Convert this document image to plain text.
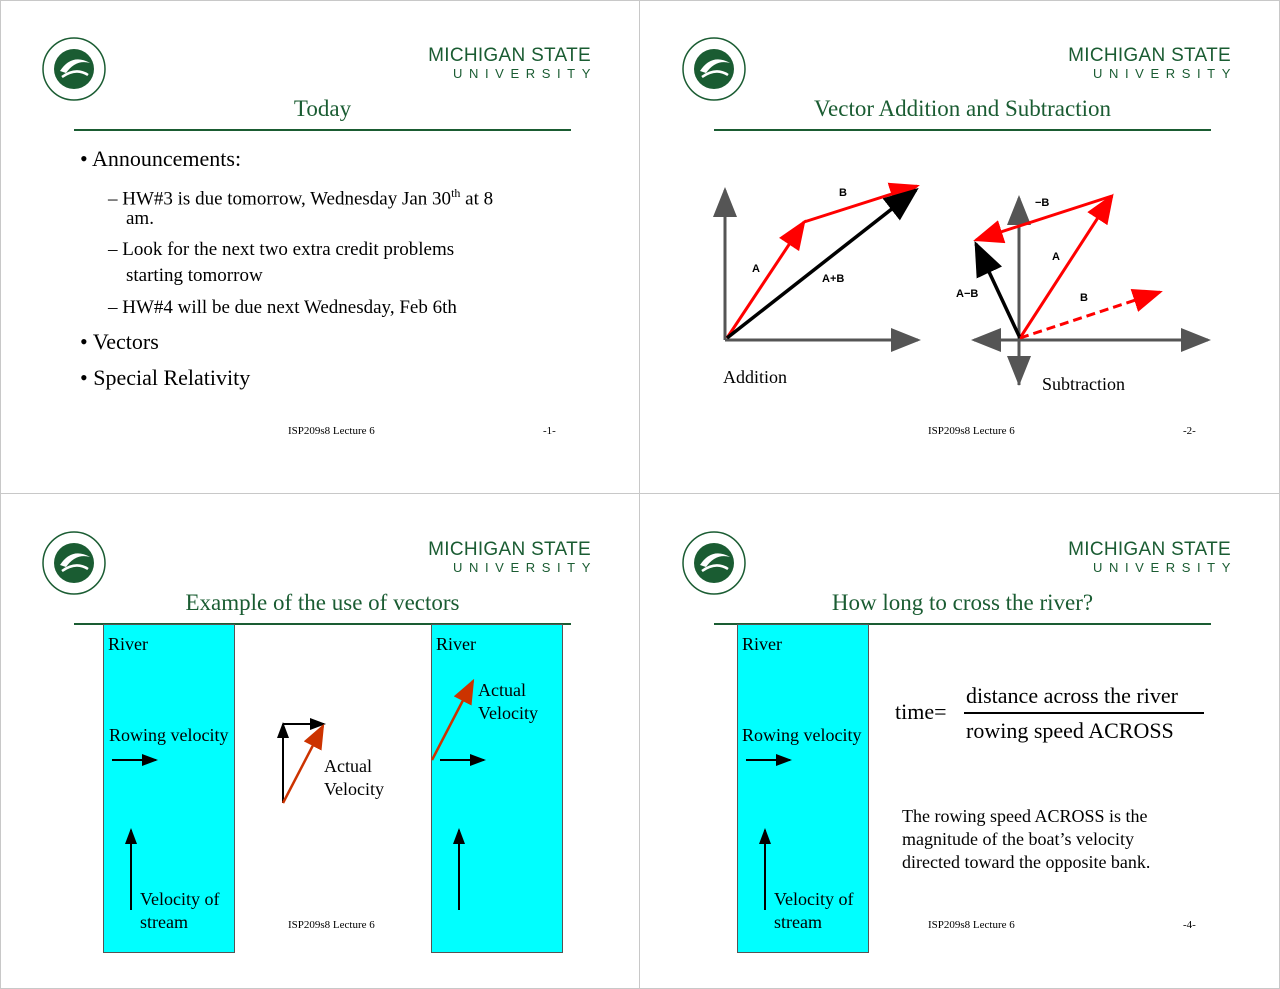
MICHIGAN STATE
UNIVERSITY
Today
• Announcements:
– HW#3 is due tomorrow, Wednesday Jan 30th at 8
am.
– Look for the next two extra credit problems
starting tomorrow
– HW#4 will be due next Wednesday, Feb 6th
• Vectors
• Special Relativity
ISP209s8 Lecture 6	-1-
MICHIGAN STATE
UNIVERSITY
Vector Addition and Subtraction
A
B
A+B
−B
A
A−B	B
Addition	Subtraction
ISP209s8 Lecture 6	-2-
MICHIGAN STATE
UNIVERSITY
Example of the use of vectors
River
Rowing velocity
Velocity of
stream
Actual
Velocity
River
Actual
Velocity
ISP209s8 Lecture 6
MICHIGAN STATE
UNIVERSITY
How long to cross the river?
River
Rowing velocity
Velocity of
stream
time=
distance across the river
rowing speed ACROSS
The rowing speed ACROSS is the
magnitude of the boat’s velocity
directed toward the opposite bank.
ISP209s8 Lecture 6	-4-
